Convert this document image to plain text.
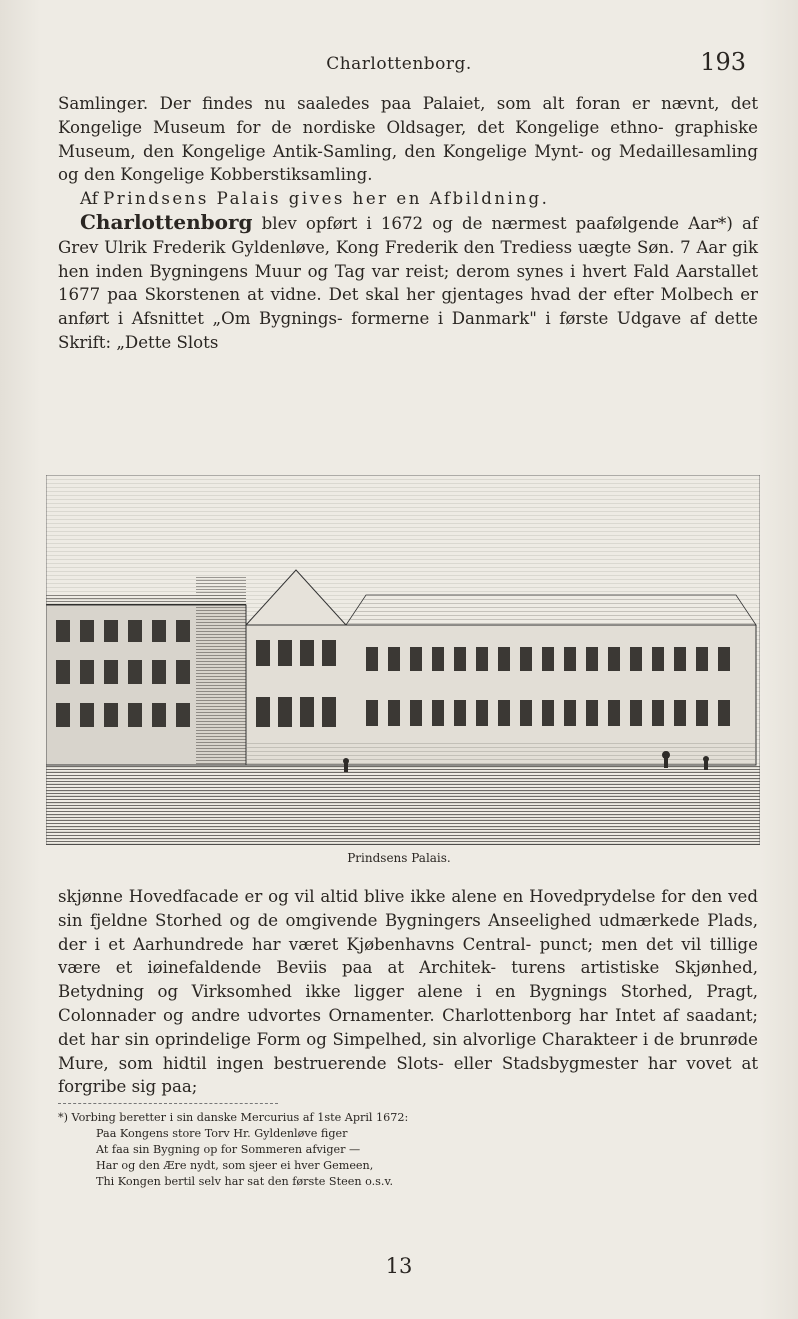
Charlottenborg.	193

Samlinger. Der findes nu saaledes paa Palaiet, som alt foran er nævnt, det Kongelige Museum for de nordiske Oldsager, det Kongelige ethno- graphiske Museum, den Kongelige Antik-Samling, den Kongelige Mynt- og Medaillesamling og den Kongelige Kobberstiksamling.

Af Prindsens Palais gives her en Afbildning.

Charlottenborg blev opført i 1672 og de nærmest paafølgende Aar*) af Grev Ulrik Frederik Gyldenløve, Kong Frederik den Trediess uægte Søn. 7 Aar gik hen inden Bygningens Muur og Tag var reist; derom synes i hvert Fald Aarstallet 1677 paa Skorstenen at vidne. Det skal her gjentages hvad der efter Molbech er anført i Afsnittet „Om Bygnings- formerne i Danmark" i første Udgave af dette Skrift: „Dette Slots

Prindsens Palais.

skjønne Hovedfacade er og vil altid blive ikke alene en Hovedprydelse for den ved sin fjeldne Storhed og de omgivende Bygningers Anseelighed udmærkede Plads, der i et Aarhundrede har været Kjøbenhavns Central- punct; men det vil tillige være et iøinefaldende Beviis paa at Architek- turens artistiske Skjønhed, Betydning og Virksomhed ikke ligger alene i en Bygnings Storhed, Pragt, Colonnader og andre udvortes Ornamenter. Charlottenborg har Intet af saadant; det har sin oprindelige Form og Simpelhed, sin alvorlige Charakteer i de brunrøde Mure, som hidtil ingen bestruerende Slots- eller Stadsbygmester har vovet at forgribe sig paa;

*) Vorbing beretter i sin danske Mercurius af 1ste April 1672:
Paa Kongens store Torv Hr. Gyldenløve figer
At faa sin Bygning op for Sommeren afviger —
Har og den Ære nydt, som sjeer ei hver Gemeen,
Thi Kongen bertil selv har sat den første Steen o.s.v.
13
